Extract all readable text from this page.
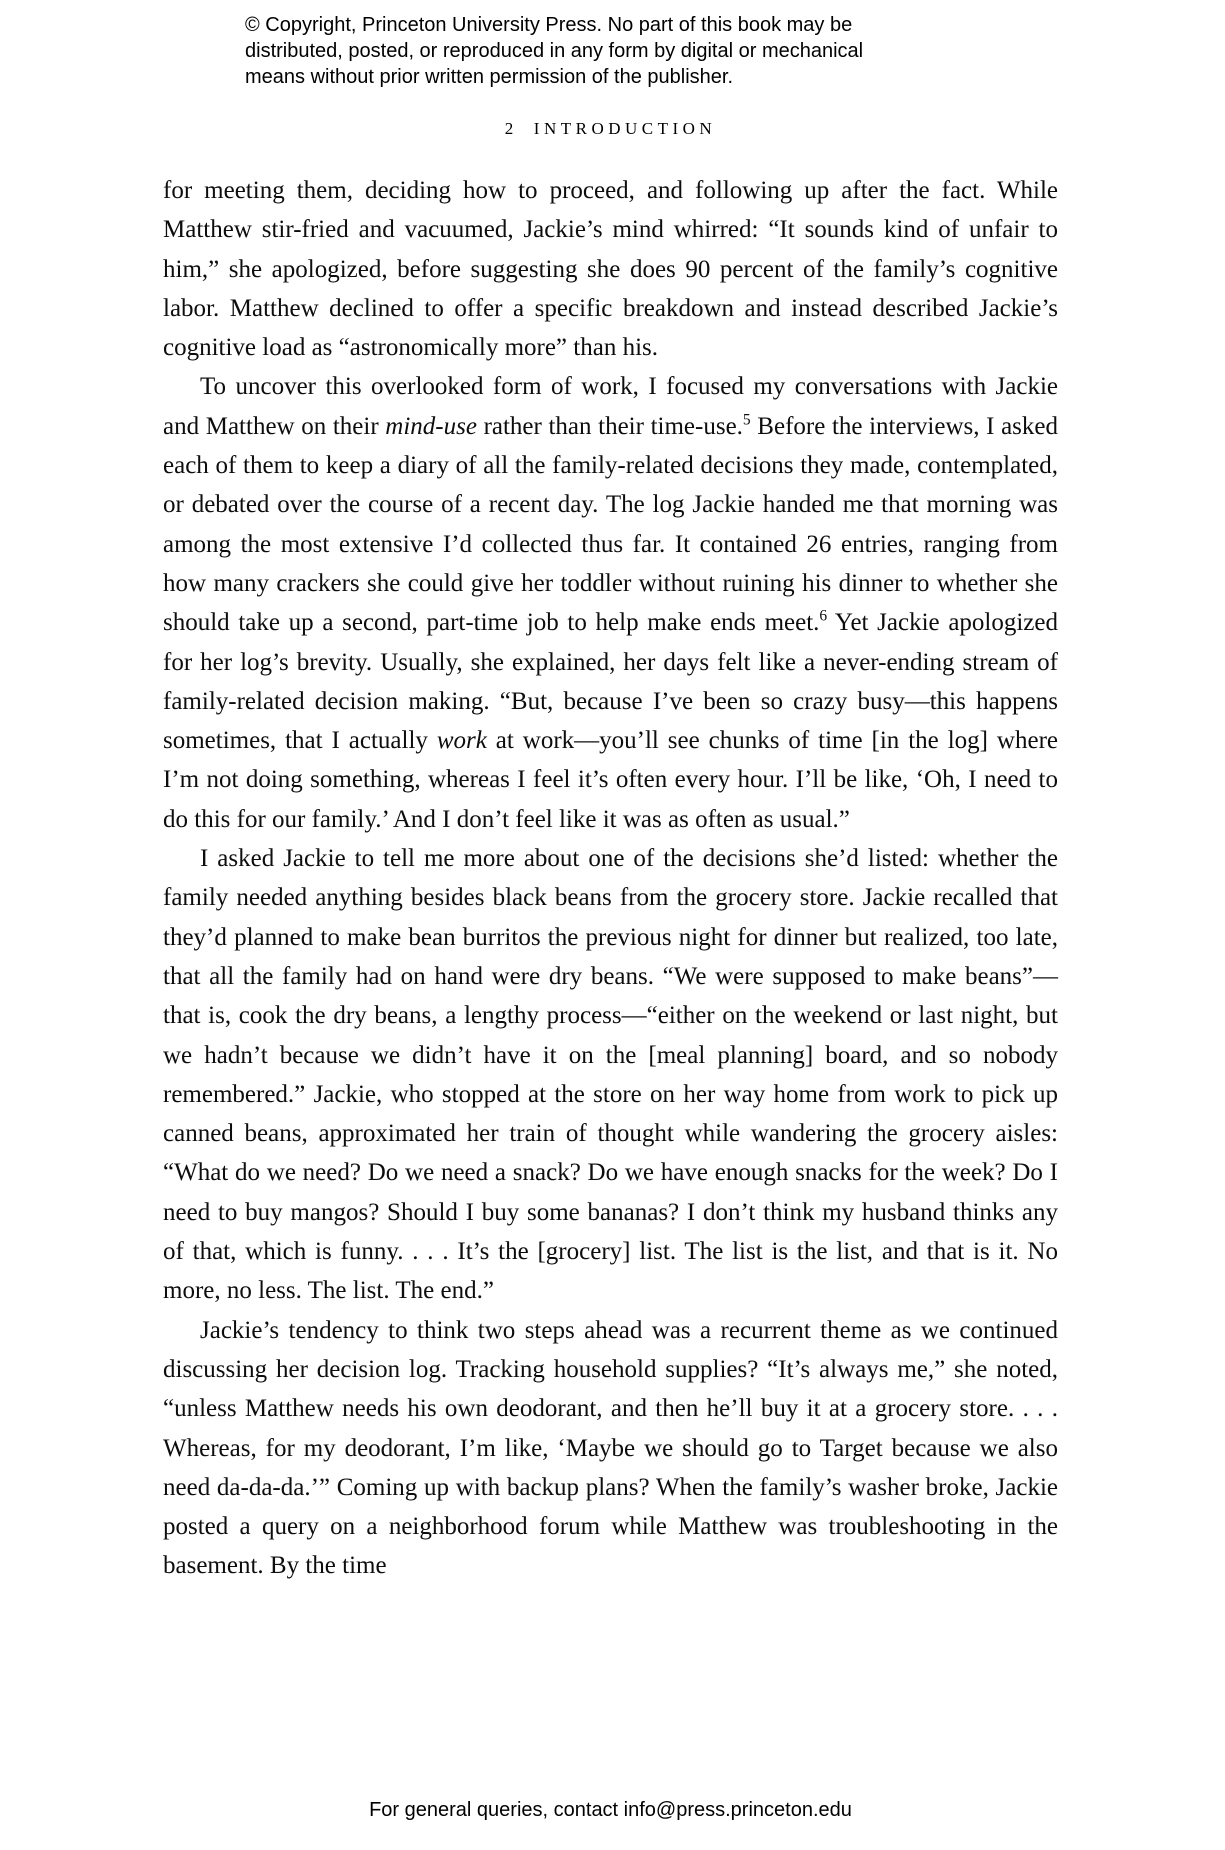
© Copyright, Princeton University Press. No part of this book may be
distributed, posted, or reproduced in any form by digital or mechanical
means without prior written permission of the publisher.
2 INTRODUCTION

for meeting them, deciding how to proceed, and following up after the fact. While Matthew stir-fried and vacuumed, Jackie’s mind whirred: “It sounds kind of unfair to him,” she apologized, before suggesting she does 90 percent of the family’s cognitive labor. Matthew declined to offer a specific breakdown and instead described Jackie’s cognitive load as “astronomically more” than his.

To uncover this overlooked form of work, I focused my conversations with Jackie and Matthew on their mind-use rather than their time-use.$^5$ Before the interviews, I asked each of them to keep a diary of all the family-related decisions they made, contemplated, or debated over the course of a recent day. The log Jackie handed me that morning was among the most extensive I’d collected thus far. It contained 26 entries, ranging from how many crackers she could give her toddler without ruining his dinner to whether she should take up a second, part-time job to help make ends meet.$^6$ Yet Jackie apologized for her log’s brevity. Usually, she explained, her days felt like a never-ending stream of family-related decision making. “But, because I’ve been so crazy busy—this happens sometimes, that I actually work at work—you’ll see chunks of time [in the log] where I’m not doing something, whereas I feel it’s often every hour. I’ll be like, ‘Oh, I need to do this for our family.’ And I don’t feel like it was as often as usual.”

I asked Jackie to tell me more about one of the decisions she’d listed: whether the family needed anything besides black beans from the grocery store. Jackie recalled that they’d planned to make bean burritos the previous night for dinner but realized, too late, that all the family had on hand were dry beans. “We were supposed to make beans”—that is, cook the dry beans, a lengthy process—“either on the weekend or last night, but we hadn’t because we didn’t have it on the [meal planning] board, and so nobody remembered.” Jackie, who stopped at the store on her way home from work to pick up canned beans, approximated her train of thought while wandering the grocery aisles: “What do we need? Do we need a snack? Do we have enough snacks for the week? Do I need to buy mangos? Should I buy some bananas? I don’t think my husband thinks any of that, which is funny. . . . It’s the [grocery] list. The list is the list, and that is it. No more, no less. The list. The end.”

Jackie’s tendency to think two steps ahead was a recurrent theme as we continued discussing her decision log. Tracking household supplies? “It’s always me,” she noted, “unless Matthew needs his own deodorant, and then he’ll buy it at a grocery store. . . . Whereas, for my deodorant, I’m like, ‘Maybe we should go to Target because we also need da-da-da.’” Coming up with backup plans? When the family’s washer broke, Jackie posted a query on a neighborhood forum while Matthew was troubleshooting in the basement. By the time

For general queries, contact info@press.princeton.edu
